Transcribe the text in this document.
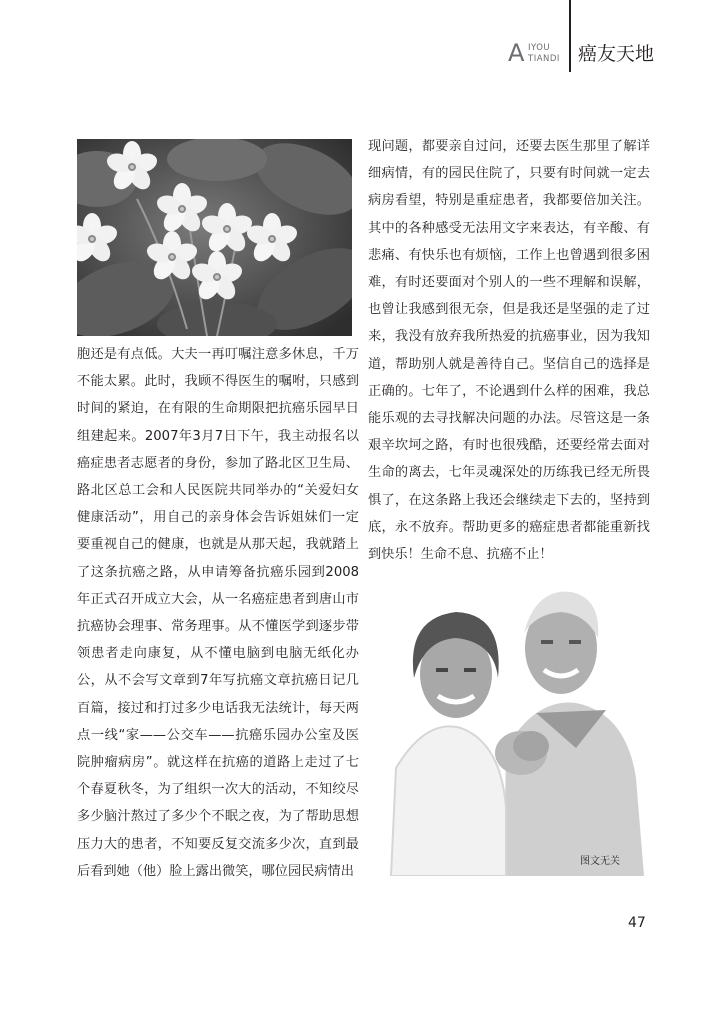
A IYOU
TIANDI 癌友天地
图文无关

胞还是有点低。大夫一再叮嘱注意多休息，千万不能太累。此时，我顾不得医生的嘱咐，只感到时间的紧迫，在有限的生命期限把抗癌乐园早日组建起来。2007年3月7日下午，我主动报名以癌症患者志愿者的身份，参加了路北区卫生局、路北区总工会和人民医院共同举办的“关爱妇女健康活动”，用自己的亲身体会告诉姐妹们一定要重视自己的健康，也就是从那天起，我就踏上了这条抗癌之路，从申请筹备抗癌乐园到2008年正式召开成立大会，从一名癌症患者到唐山市抗癌协会理事、常务理事。从不懂医学到逐步带领患者走向康复，从不懂电脑到电脑无纸化办公，从不会写文章到7年写抗癌文章抗癌日记几百篇，接过和打过多少电话我无法统计，每天两点一线“家——公交车——抗癌乐园办公室及医院肿瘤病房”。就这样在抗癌的道路上走过了七个春夏秋冬，为了组织一次大的活动，不知绞尽多少脑汁熬过了多少个不眠之夜，为了帮助思想压力大的患者，不知要反复交流多少次，直到最后看到她（他）脸上露出微笑，哪位园民病情出

现问题，都要亲自过问，还要去医生那里了解详细病情，有的园民住院了，只要有时间就一定去病房看望，特别是重症患者，我都要倍加关注。其中的各种感受无法用文字来表达，有辛酸、有悲痛、有快乐也有烦恼，工作上也曾遇到很多困难，有时还要面对个别人的一些不理解和误解，也曾让我感到很无奈，但是我还是坚强的走了过来，我没有放弃我所热爱的抗癌事业，因为我知道，帮助别人就是善待自己。坚信自己的选择是正确的。七年了，不论遇到什么样的困难，我总能乐观的去寻找解决问题的办法。尽管这是一条艰辛坎坷之路，有时也很残酷，还要经常去面对生命的离去，七年灵魂深处的历练我已经无所畏惧了，在这条路上我还会继续走下去的，坚持到底，永不放弃。帮助更多的癌症患者都能重新找到快乐！生命不息、抗癌不止！

47
